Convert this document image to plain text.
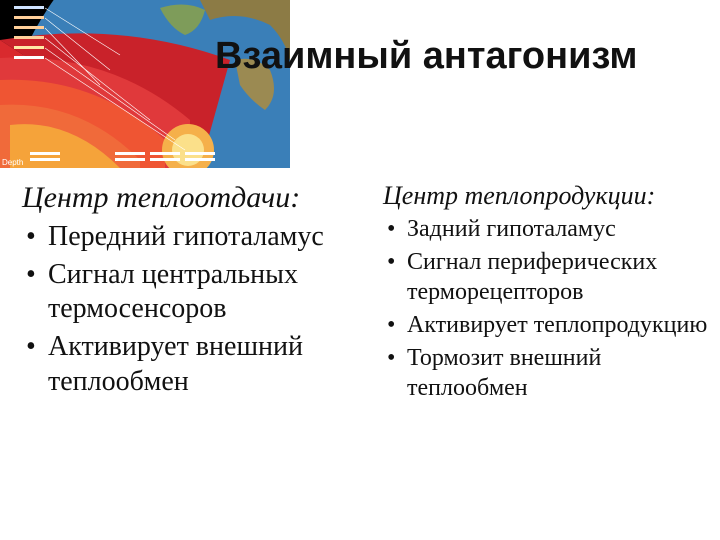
Depth
Взаимный антагонизм
Центр теплоотдачи:
• Передний гипоталамус
• Сигнал центральных термосенсоров
• Активирует внешний теплообмен
Центр теплопродукции:
• Задний гипоталамус
• Сигнал периферических терморецепторов
• Активирует теплопродукцию
• Тормозит внешний теплообмен
